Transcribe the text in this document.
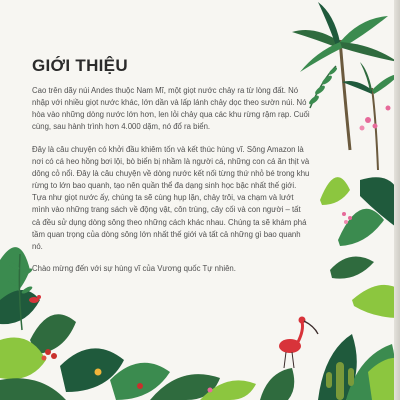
GIỚI THIỆU

Cao trên dãy núi Andes thuộc Nam Mĩ, một giọt nước chảy ra từ lòng đất. Nó nhập với nhiều giọt nước khác, lớn dần và lấp lánh chảy dọc theo sườn núi. Nó hòa vào những dòng nước lớn hơn, len lỏi chảy qua các khu rừng rậm rạp. Cuối cùng, sau hành trình hơn 4.000 dặm, nó đổ ra biển.

Đây là câu chuyện có khởi đầu khiêm tốn và kết thúc hùng vĩ. Sông Amazon là nơi có cá heo hồng bơi lội, bò biển bị nhầm là người cá, những con cá ăn thịt và dông cỏ nổi. Đây là câu chuyện về dòng nước kết nối từng thứ nhỏ bé trong khu rừng to lớn bao quanh, tạo nên quần thể đa dạng sinh học bậc nhất thế giới. Tựa như giọt nước ấy, chúng ta sẽ cùng hụp lặn, chảy trôi, va chạm và lướt mình vào những trang sách về động vật, côn trùng, cây cối và con người – tất cả đều sử dụng dòng sông theo những cách khác nhau. Chúng ta sẽ khám phá tầm quan trọng của dòng sông lớn nhất thế giới và tất cả những gì bao quanh nó.

Chào mừng đến với sự hùng vĩ của Vương quốc Tự nhiên.
